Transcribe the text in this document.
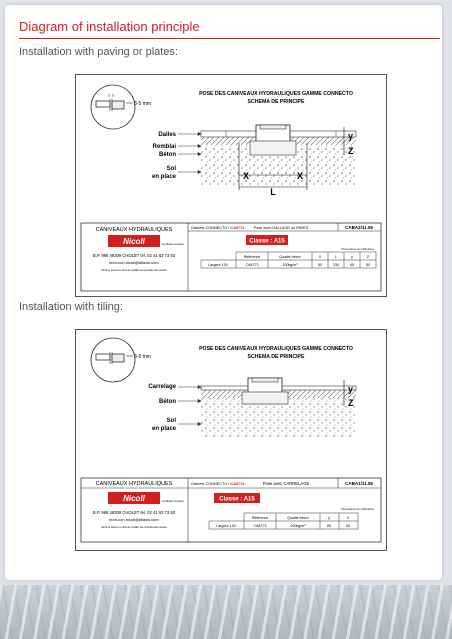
Diagram of installation principle

Installation with paving or plates:

POSE DES CANIVEAUX HYDRAULIQUES GAMME CONNECTO
SCHEMA DE PRINCIPE
3-5 mm
Dalles
Remblai
Béton
Sol
en place	X	X
L
y
Z
CANIVEAUX HYDRAULIQUES
Nicoll	by Aliaxis company
B.P. 966 49309 CHOLET tél. 02 41 63 73 83
tech-con.nicoll@aliaxis.com
Nicoll se réserve le droit de modifier ses produits sans préavis
Gamme CONNECTO / CA8773 Pose avec DALLAGE ou PAVES	CABA2/11.06
Classe : A15
Dimensions en millimètres
Référence	Qualité béton	X	L	y	Z
Largeur 130	CA8773	200kg/m³	50	230	65	50

Installation with tiling:

POSE DES CANIVEAUX HYDRAULIQUES GAMME CONNECTO
SCHEMA DE PRINCIPE
3-5 mm
Carrelage
Béton
Sol
en place
y
Z
CANIVEAUX HYDRAULIQUES
Nicoll	by Aliaxis company
B.P. 966 49309 CHOLET tél. 02 41 63 73 83
tech-con.nicoll@aliaxis.com
Nicoll se réserve le droit de modifier ses produits sans préavis
Gamme CONNECTO / CA8773	Pose avec CARRELAGE	CABA1/11.06
Classe : A15
Dimensions en millimètres
Référence	Qualité béton	y	Z
Largeur 130	CA8773	200kg/m³	65	50
